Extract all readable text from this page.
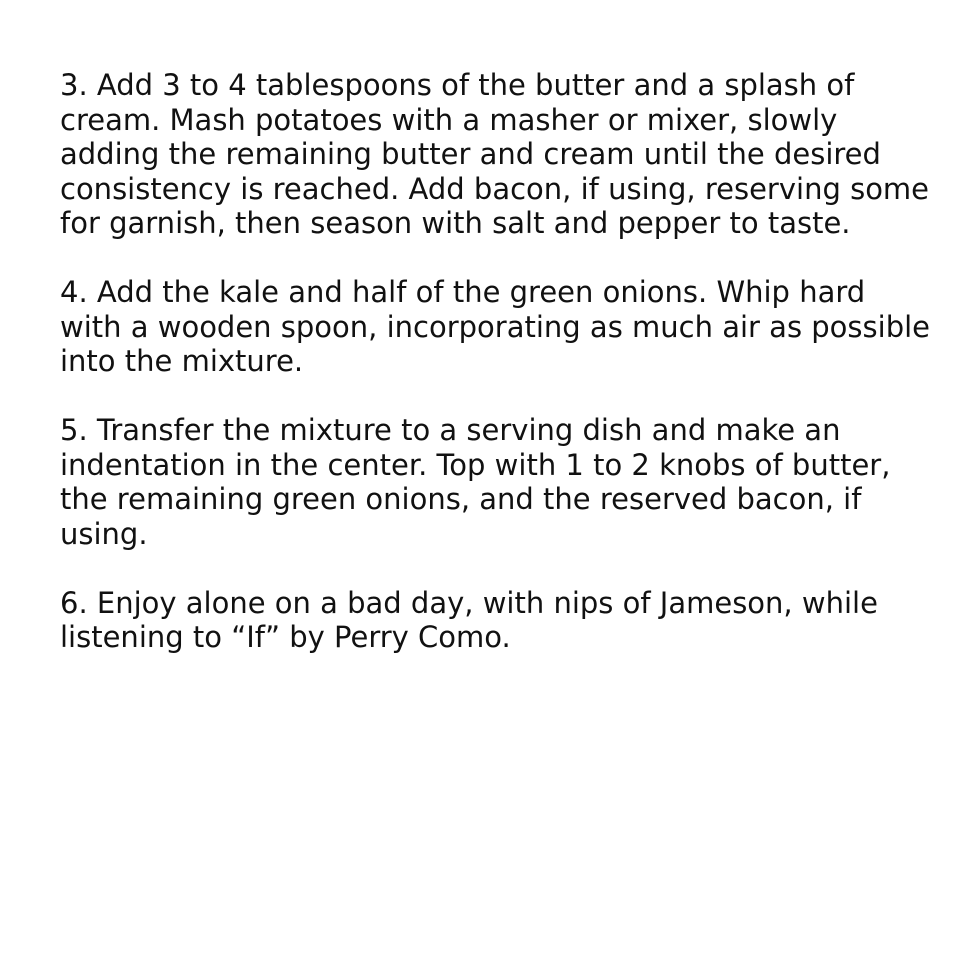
3. Add 3 to 4 tablespoons of the butter and a splash of cream. Mash potatoes with a masher or mixer, slowly adding the remaining butter and cream until the desired consistency is reached. Add bacon, if using, reserving some for garnish, then season with salt and pepper to taste.

4. Add the kale and half of the green onions. Whip hard with a wooden spoon, incorporating as much air as possible into the mixture.

5. Transfer the mixture to a serving dish and make an indentation in the center. Top with 1 to 2 knobs of butter, the remaining green onions, and the reserved bacon, if using.

6. Enjoy alone on a bad day, with nips of Jameson, while listening to “If” by Perry Como.
